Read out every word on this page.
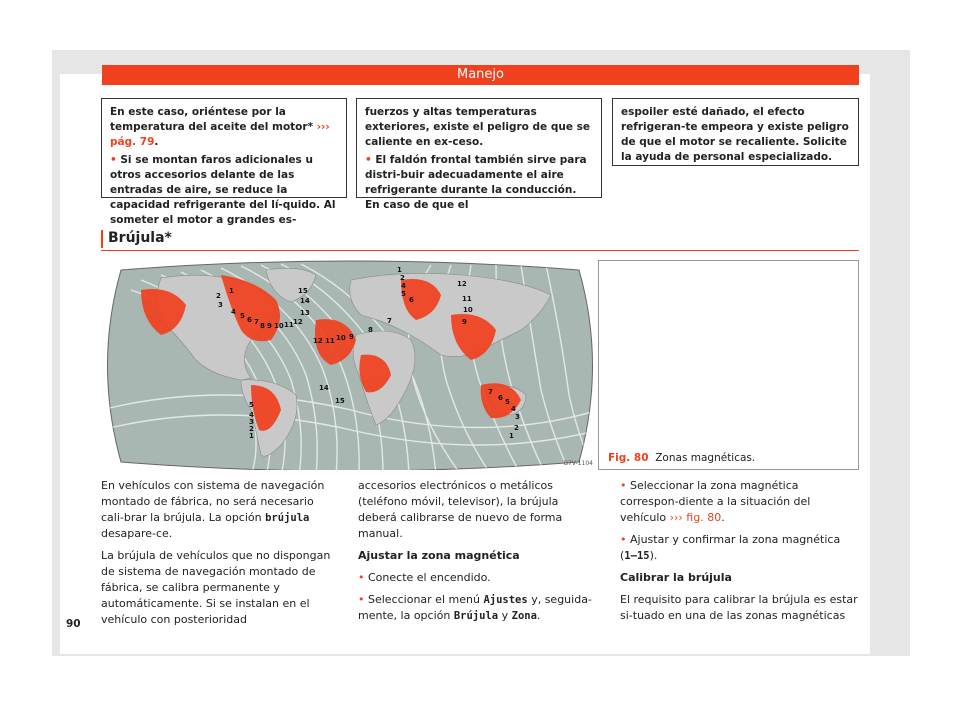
Manejo

En este caso, oriéntese por la temperatura del aceite del motor* ››› pág. 79.

• Si se montan faros adicionales u otros accesorios delante de las entradas de aire, se reduce la capacidad refrigerante del lí-quido. Al someter el motor a grandes es-

fuerzos y altas temperaturas exteriores, existe el peligro de que se caliente en ex-ceso.

• El faldón frontal también sirve para distri-buir adecuadamente el aire refrigerante durante la conducción. En caso de que el

espoiler esté dañado, el efecto refrigeran-te empeora y existe peligro de que el motor se recaliente. Solicite la ayuda de personal especializado.

Brújula*
1
2
3
4 5 6 7 8 9 10 11 12
15
14
13
12 11 10 9
8
7
1
2
4
5
6
12
11
10
9
14
15
5
4
3
2
1
7
6 5
4
3
2
1
B7V-1104 Fig. 80 Zonas magnéticas.

En vehículos con sistema de navegación montado de fábrica, no será necesario cali-brar la brújula. La opción brújula desapare-ce.

La brújula de vehículos que no dispongan de sistema de navegación montado de fábrica, se calibra permanente y automáticamente. Si se instalan en el vehículo con posterioridad

accesorios electrónicos o metálicos (teléfono móvil, televisor), la brújula deberá calibrarse de nuevo de forma manual.

Ajustar la zona magnética

• Conecte el encendido.

• Seleccionar el menú Ajustes y, seguida-mente, la opción Brújula y Zona.

• Seleccionar la zona magnética correspon-diente a la situación del vehículo ››› fig. 80.

• Ajustar y confirmar la zona magnética (1–15).

Calibrar la brújula

El requisito para calibrar la brújula es estar si-tuado en una de las zonas magnéticas

90
